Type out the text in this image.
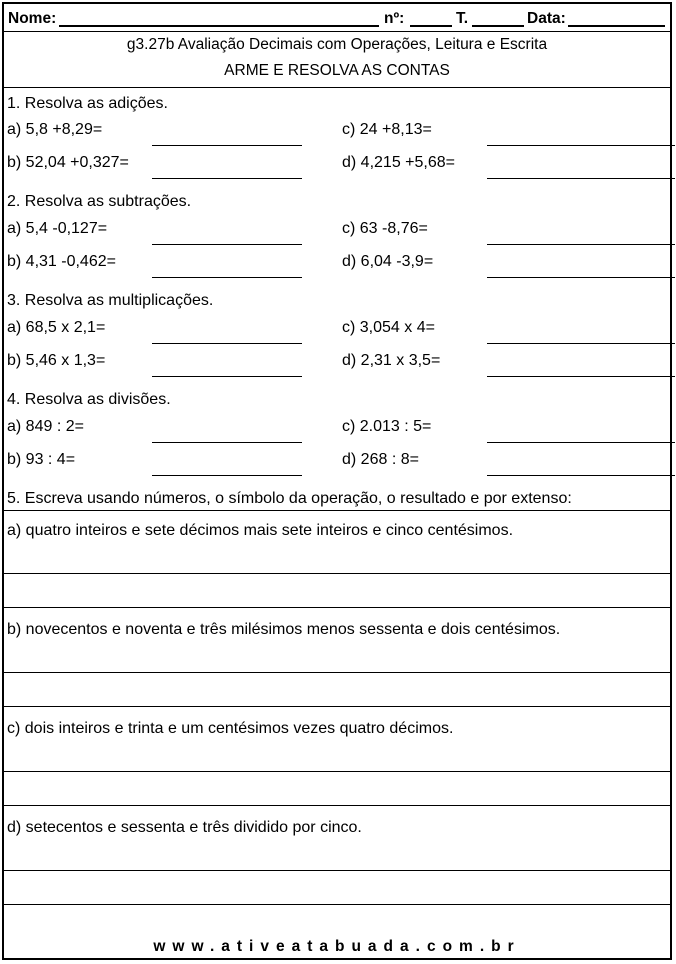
Nome:	nº:	T.	Data:
g3.27b Avaliação Decimais com Operações, Leitura e Escrita
ARME E RESOLVA AS CONTAS
1. Resolva as adições.
a) 5,8 +8,29=	c) 24 +8,13=
b) 52,04 +0,327=	d) 4,215 +5,68=
2. Resolva as subtrações.
a) 5,4 -0,127=	c) 63 -8,76=
b) 4,31 -0,462=	d) 6,04 -3,9=
3. Resolva as multiplicações.
a) 68,5 x 2,1=	c) 3,054 x 4=
b) 5,46 x 1,3=	d) 2,31 x 3,5=
4. Resolva as divisões.
a) 849 : 2=	c) 2.013 : 5=
b) 93 : 4=	d) 268 : 8=
5. Escreva usando números, o símbolo da operação, o resultado e por extenso:
a) quatro inteiros e sete décimos mais sete inteiros e cinco centésimos.
b) novecentos e noventa e três milésimos menos sessenta e dois centésimos.
c) dois inteiros e trinta e um centésimos vezes quatro décimos.
d) setecentos e sessenta e três dividido por cinco.
www.ativeatabuada.com.br
